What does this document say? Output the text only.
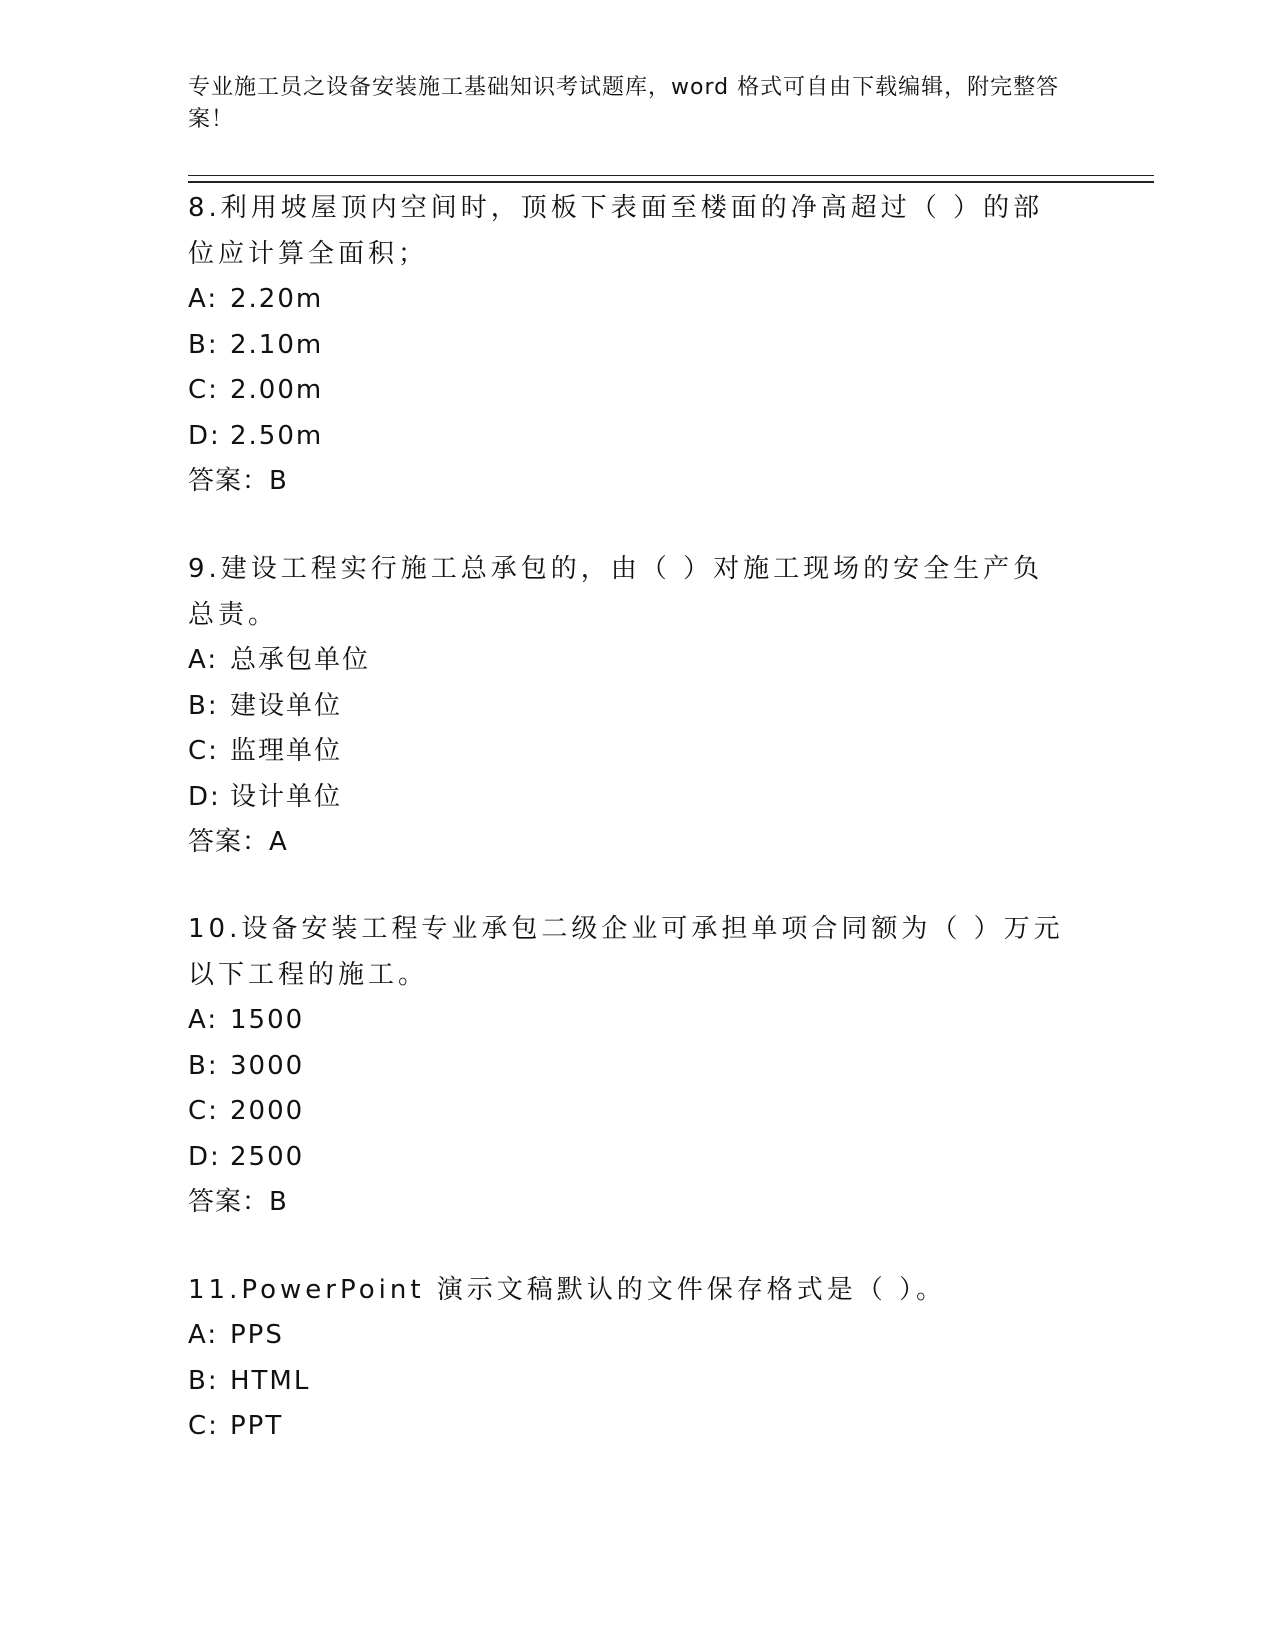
专业施工员之设备安装施工基础知识考试题库，word 格式可自由下载编辑，附完整答案！
8.利用坡屋顶内空间时，顶板下表面至楼面的净高超过（ ）的部位应计算全面积；
A: 2.20m
B: 2.10m
C: 2.00m
D: 2.50m
答案：B
9.建设工程实行施工总承包的，由（ ）对施工现场的安全生产负总责。
A: 总承包单位
B: 建设单位
C: 监理单位
D: 设计单位
答案：A
10.设备安装工程专业承包二级企业可承担单项合同额为（ ）万元以下工程的施工。
A: 1500
B: 3000
C: 2000
D: 2500
答案：B
11.PowerPoint 演示文稿默认的文件保存格式是（ ）。
A: PPS
B: HTML
C: PPT
